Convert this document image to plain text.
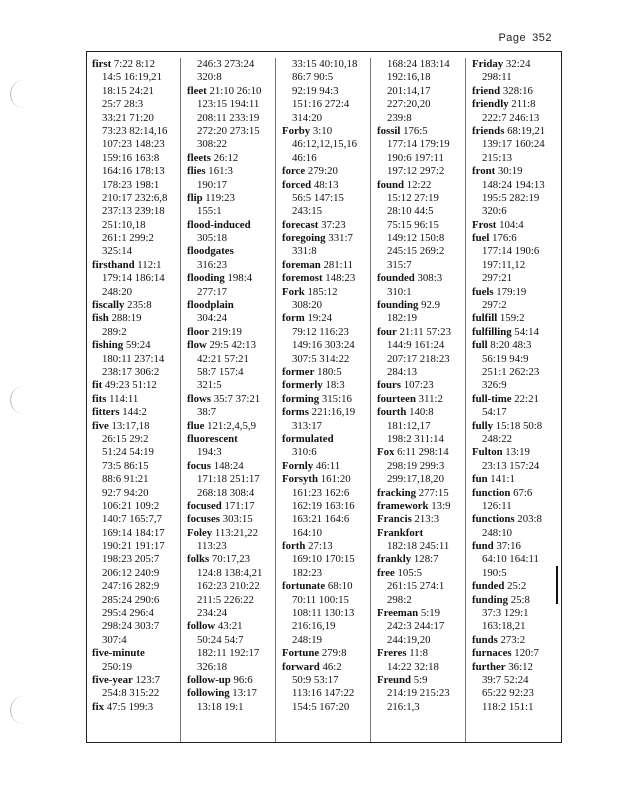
Page 352
first 7:22 8:12
14:5 16:19,21
18:15 24:21
25:7 28:3
33:21 71:20
73:23 82:14,16
107:23 148:23
159:16 163:8
164:16 178:13
178:23 198:1
210:17 232:6,8
237:13 239:18
251:10,18
261:1 299:2
325:14
firsthand 112:1
179:14 186:14
248:20
fiscally 235:8
fish 288:19
289:2
fishing 59:24
180:11 237:14
238:17 306:2
fit 49:23 51:12
fits 114:11
fitters 144:2
five 13:17,18
26:15 29:2
51:24 54:19
73:5 86:15
88:6 91:21
92:7 94:20
106:21 109:2
140:7 165:7,7
169:14 184:17
190:21 191:17
198:23 205:7
206:12 240:9
247:16 282:9
285:24 290:6
295:4 296:4
298:24 303:7
307:4
five-minute
250:19
five-year 123:7
254:8 315:22
fix 47:5 199:3
246:3 273:24
320:8
fleet 21:10 26:10
123:15 194:11
208:11 233:19
272:20 273:15
308:22
fleets 26:12
flies 161:3
190:17
flip 119:23
155:1
flood-induced
305:18
floodgates
316:23
flooding 198:4
277:17
floodplain
304:24
floor 219:19
flow 29:5 42:13
42:21 57:21
58:7 157:4
321:5
flows 35:7 37:21
38:7
flue 121:2,4,5,9
fluorescent
194:3
focus 148:24
171:18 251:17
268:18 308:4
focused 171:17
focuses 303:15
Foley 113:21,22
113:23
folks 70:17,23
124:8 138:4,21
162:23 210:22
211:5 226:22
234:24
follow 43:21
50:24 54:7
182:11 192:17
326:18
follow-up 96:6
following 13:17
13:18 19:1
33:15 40:10,18
86:7 90:5
92:19 94:3
151:16 272:4
314:20
Forby 3:10
46:12,12,15,16
46:16
force 279:20
forced 48:13
56:5 147:15
243:15
forecast 37:23
foregoing 331:7
331:8
foreman 281:11
foremost 148:23
Fork 185:12
308:20
form 19:24
79:12 116:23
149:16 303:24
307:5 314:22
former 180:5
formerly 18:3
forming 315:16
forms 221:16,19
313:17
formulated
310:6
Fornly 46:11
Forsyth 161:20
161:23 162:6
162:19 163:16
163:21 164:6
164:10
forth 27:13
169:10 170:15
182:23
fortunate 68:10
70:11 100:15
108:11 130:13
216:16,19
248:19
Fortune 279:8
forward 46:2
50:9 53:17
113:16 147:22
154:5 167:20
168:24 183:14
192:16,18
201:14,17
227:20,20
239:8
fossil 176:5
177:14 179:19
190:6 197:11
197:12 297:2
found 12:22
15:12 27:19
28:10 44:5
75:15 96:15
149:12 150:8
245:15 269:2
315:7
founded 308:3
310:1
founding 92.9
182:19
four 21:11 57:23
144:9 161:24
207:17 218:23
284:13
fours 107:23
fourteen 311:2
fourth 140:8
181:12,17
198:2 311:14
Fox 6:11 298:14
298:19 299:3
299:17,18,20
fracking 277:15
framework 13:9
Francis 213:3
Frankfort
182:18 245:11
frankly 128:7
free 105:5
261:15 274:1
298:2
Freeman 5:19
242:3 244:17
244:19,20
Freres 11:8
14:22 32:18
Freund 5:9
214:19 215:23
216:1,3
Friday 32:24
298:11
friend 328:16
friendly 211:8
222:7 246:13
friends 68:19,21
139:17 160:24
215:13
front 30:19
148:24 194:13
195:5 282:19
320:6
Frost 104:4
fuel 176:6
177:14 190:6
197:11,12
297:21
fuels 179:19
297:2
fulfill 159:2
fulfilling 54:14
full 8:20 48:3
56:19 94:9
251:1 262:23
326:9
full-time 22:21
54:17
fully 15:18 50:8
248:22
Fulton 13:19
23:13 157:24
fun 141:1
function 67:6
126:11
functions 203:8
248:10
fund 37:16
64:10 164:11
190:5
funded 25:2
funding 25:8
37:3 129:1
163:18,21
funds 273:2
furnaces 120:7
further 36:12
39:7 52:24
65:22 92:23
118:2 151:1
